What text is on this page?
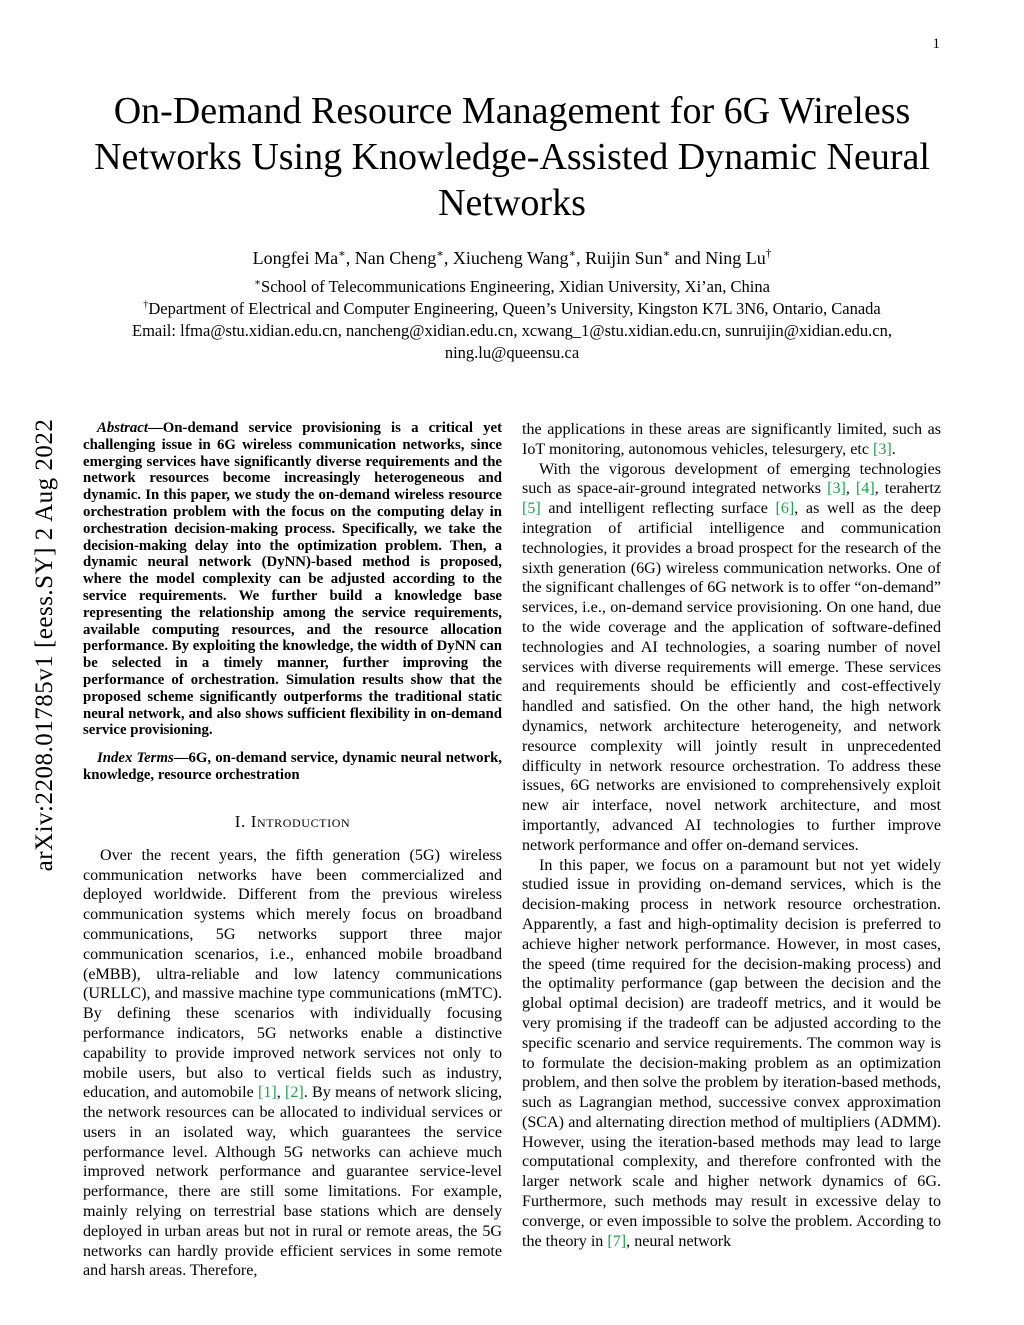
1
arXiv:2208.01785v1 [eess.SY] 2 Aug 2022
On-Demand Resource Management for 6G Wireless Networks Using Knowledge-Assisted Dynamic Neural Networks
Longfei Ma∗, Nan Cheng∗, Xiucheng Wang∗, Ruijin Sun∗ and Ning Lu†
∗School of Telecommunications Engineering, Xidian University, Xi’an, China
†Department of Electrical and Computer Engineering, Queen’s University, Kingston K7L 3N6, Ontario, Canada
Email: lfma@stu.xidian.edu.cn, nancheng@xidian.edu.cn, xcwang_1@stu.xidian.edu.cn, sunruijin@xidian.edu.cn, ning.lu@queensu.ca

Abstract—On-demand service provisioning is a critical yet challenging issue in 6G wireless communication networks, since emerging services have significantly diverse requirements and the network resources become increasingly heterogeneous and dynamic. In this paper, we study the on-demand wireless resource orchestration problem with the focus on the computing delay in orchestration decision-making process. Specifically, we take the decision-making delay into the optimization problem. Then, a dynamic neural network (DyNN)-based method is proposed, where the model complexity can be adjusted according to the service requirements. We further build a knowledge base representing the relationship among the service requirements, available computing resources, and the resource allocation performance. By exploiting the knowledge, the width of DyNN can be selected in a timely manner, further improving the performance of orchestration. Simulation results show that the proposed scheme significantly outperforms the traditional static neural network, and also shows sufficient flexibility in on-demand service provisioning.

Index Terms—6G, on-demand service, dynamic neural network, knowledge, resource orchestration

I. Introduction

Over the recent years, the fifth generation (5G) wireless communication networks have been commercialized and deployed worldwide. Different from the previous wireless communication systems which merely focus on broadband communications, 5G networks support three major communication scenarios, i.e., enhanced mobile broadband (eMBB), ultra-reliable and low latency communications (URLLC), and massive machine type communications (mMTC). By defining these scenarios with individually focusing performance indicators, 5G networks enable a distinctive capability to provide improved network services not only to mobile users, but also to vertical fields such as industry, education, and automobile [1], [2]. By means of network slicing, the network resources can be allocated to individual services or users in an isolated way, which guarantees the service performance level. Although 5G networks can achieve much improved network performance and guarantee service-level performance, there are still some limitations. For example, mainly relying on terrestrial base stations which are densely deployed in urban areas but not in rural or remote areas, the 5G networks can hardly provide efficient services in some remote and harsh areas. Therefore,

the applications in these areas are significantly limited, such as IoT monitoring, autonomous vehicles, telesurgery, etc [3].

With the vigorous development of emerging technologies such as space-air-ground integrated networks [3], [4], terahertz [5] and intelligent reflecting surface [6], as well as the deep integration of artificial intelligence and communication technologies, it provides a broad prospect for the research of the sixth generation (6G) wireless communication networks. One of the significant challenges of 6G network is to offer “on-demand” services, i.e., on-demand service provisioning. On one hand, due to the wide coverage and the application of software-defined technologies and AI technologies, a soaring number of novel services with diverse requirements will emerge. These services and requirements should be efficiently and cost-effectively handled and satisfied. On the other hand, the high network dynamics, network architecture heterogeneity, and network resource complexity will jointly result in unprecedented difficulty in network resource orchestration. To address these issues, 6G networks are envisioned to comprehensively exploit new air interface, novel network architecture, and most importantly, advanced AI technologies to further improve network performance and offer on-demand services.

In this paper, we focus on a paramount but not yet widely studied issue in providing on-demand services, which is the decision-making process in network resource orchestration. Apparently, a fast and high-optimality decision is preferred to achieve higher network performance. However, in most cases, the speed (time required for the decision-making process) and the optimality performance (gap between the decision and the global optimal decision) are tradeoff metrics, and it would be very promising if the tradeoff can be adjusted according to the specific scenario and service requirements. The common way is to formulate the decision-making problem as an optimization problem, and then solve the problem by iteration-based methods, such as Lagrangian method, successive convex approximation (SCA) and alternating direction method of multipliers (ADMM). However, using the iteration-based methods may lead to large computational complexity, and therefore confronted with the larger network scale and higher network dynamics of 6G. Furthermore, such methods may result in excessive delay to converge, or even impossible to solve the problem. According to the theory in [7], neural network
